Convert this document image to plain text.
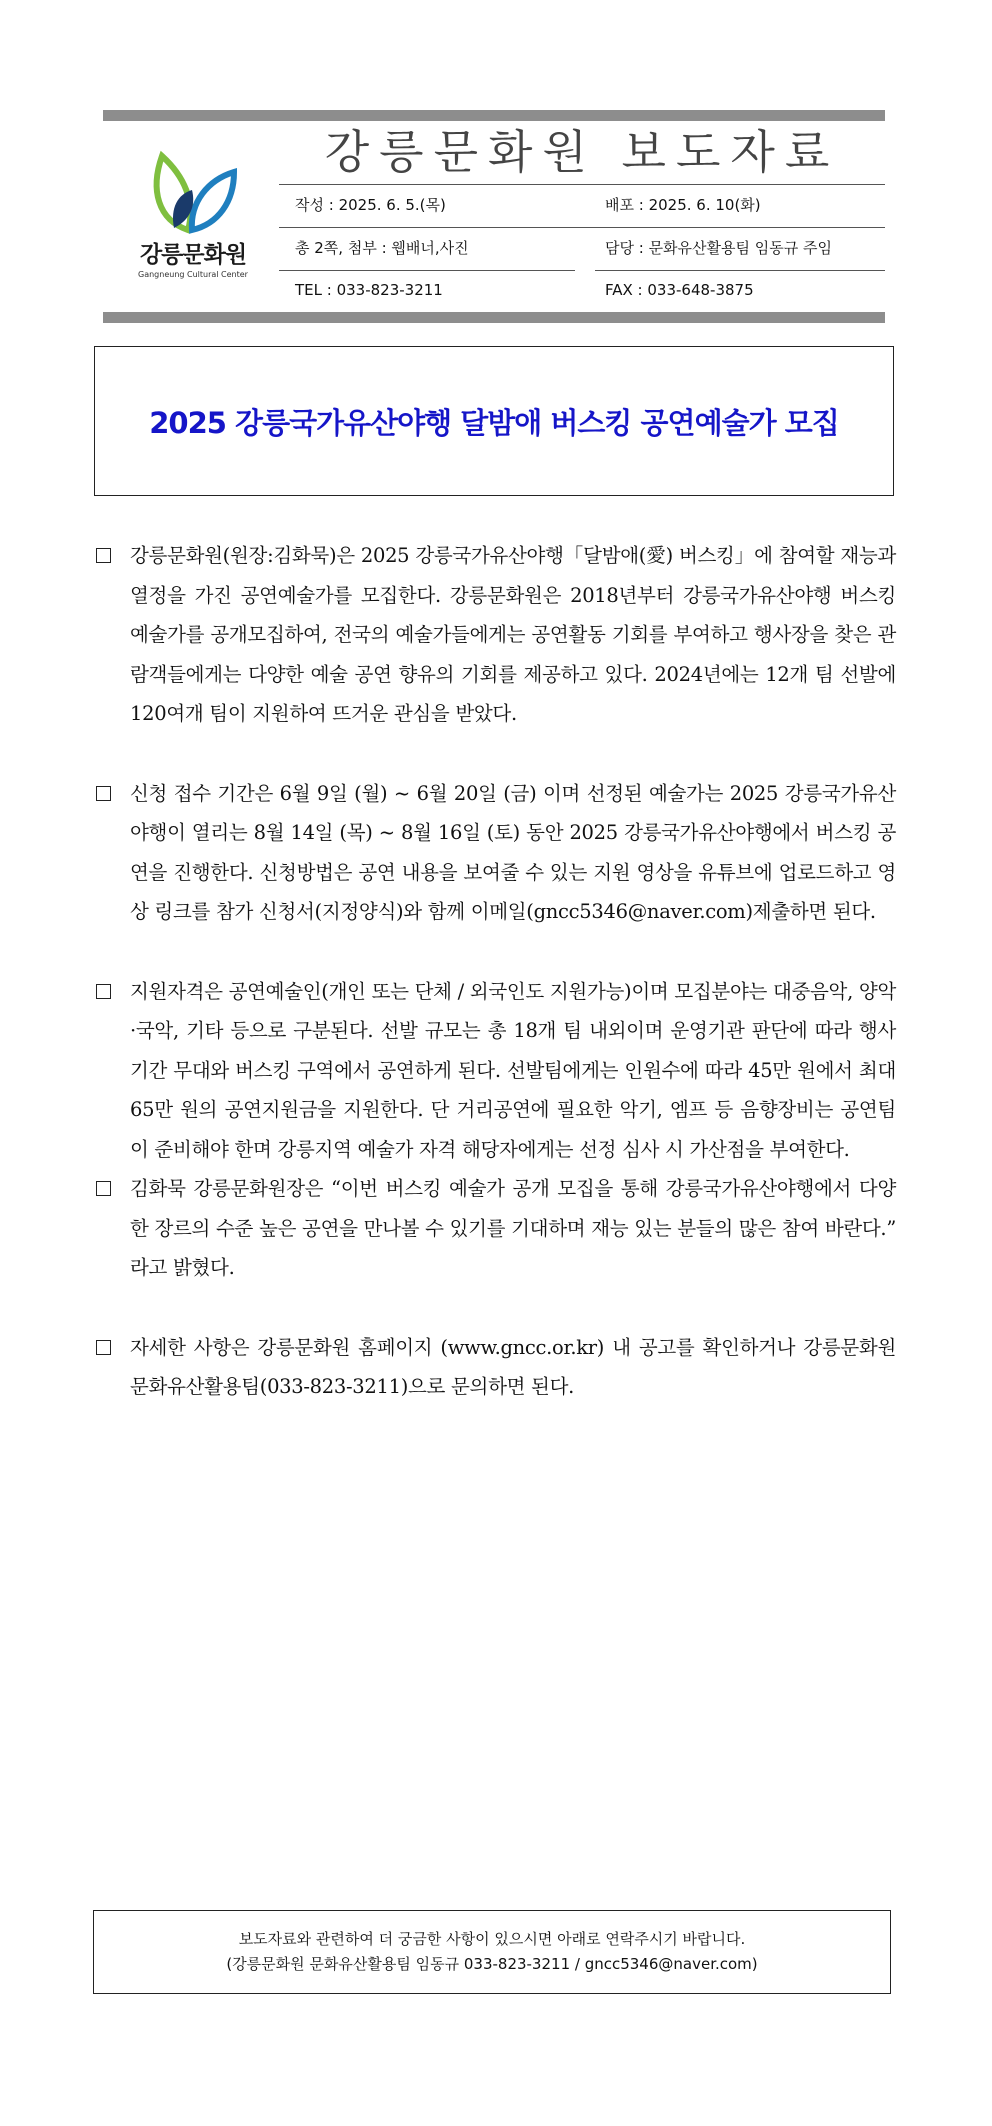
강릉문화원
Gangneung Cultural Center
강릉문화원 보도자료
작성 : 2025. 6. 5.(목)	배포 : 2025. 6. 10(화)
총 2쪽, 첨부 : 웹배너,사진	담당 : 문화유산활용팀 임동규 주임
TEL : 033-823-3211	FAX : 033-648-3875
2025 강릉국가유산야행 달밤애 버스킹 공연예술가 모집
강릉문화원(원장:김화묵)은 2025 강릉국가유산야행「달밤애(愛) 버스킹」에 참여할 재능과 열정을 가진 공연예술가를 모집한다. 강릉문화원은 2018년부터 강릉국가유산야행 버스킹 예술가를 공개모집하여, 전국의 예술가들에게는 공연활동 기회를 부여하고 행사장을 찾은 관람객들에게는 다양한 예술 공연 향유의 기회를 제공하고 있다. 2024년에는 12개 팀 선발에 120여개 팀이 지원하여 뜨거운 관심을 받았다.
신청 접수 기간은 6월 9일 (월) ~ 6월 20일 (금) 이며 선정된 예술가는 2025 강릉국가유산야행이 열리는 8월 14일 (목) ~ 8월 16일 (토) 동안 2025 강릉국가유산야행에서 버스킹 공연을 진행한다. 신청방법은 공연 내용을 보여줄 수 있는 지원 영상을 유튜브에 업로드하고 영상 링크를 참가 신청서(지정양식)와 함께 이메일(gncc5346@naver.com)제출하면 된다.
지원자격은 공연예술인(개인 또는 단체 / 외국인도 지원가능)이며 모집분야는 대중음악, 양악·국악, 기타 등으로 구분된다. 선발 규모는 총 18개 팀 내외이며 운영기관 판단에 따라 행사기간 무대와 버스킹 구역에서 공연하게 된다. 선발팀에게는 인원수에 따라 45만 원에서 최대 65만 원의 공연지원금을 지원한다. 단 거리공연에 필요한 악기, 엠프 등 음향장비는 공연팀이 준비해야 한며 강릉지역 예술가 자격 해당자에게는 선정 심사 시 가산점을 부여한다.
김화묵 강릉문화원장은 “이번 버스킹 예술가 공개 모집을 통해 강릉국가유산야행에서 다양한 장르의 수준 높은 공연을 만나볼 수 있기를 기대하며 재능 있는 분들의 많은 참여 바란다.” 라고 밝혔다.
자세한 사항은 강릉문화원 홈페이지 (www.gncc.or.kr) 내 공고를 확인하거나 강릉문화원 문화유산활용팀(033-823-3211)으로 문의하면 된다.
보도자료와 관련하여 더 궁금한 사항이 있으시면 아래로 연락주시기 바랍니다.
(강릉문화원 문화유산활용팀 임동규 033-823-3211 / gncc5346@naver.com)
